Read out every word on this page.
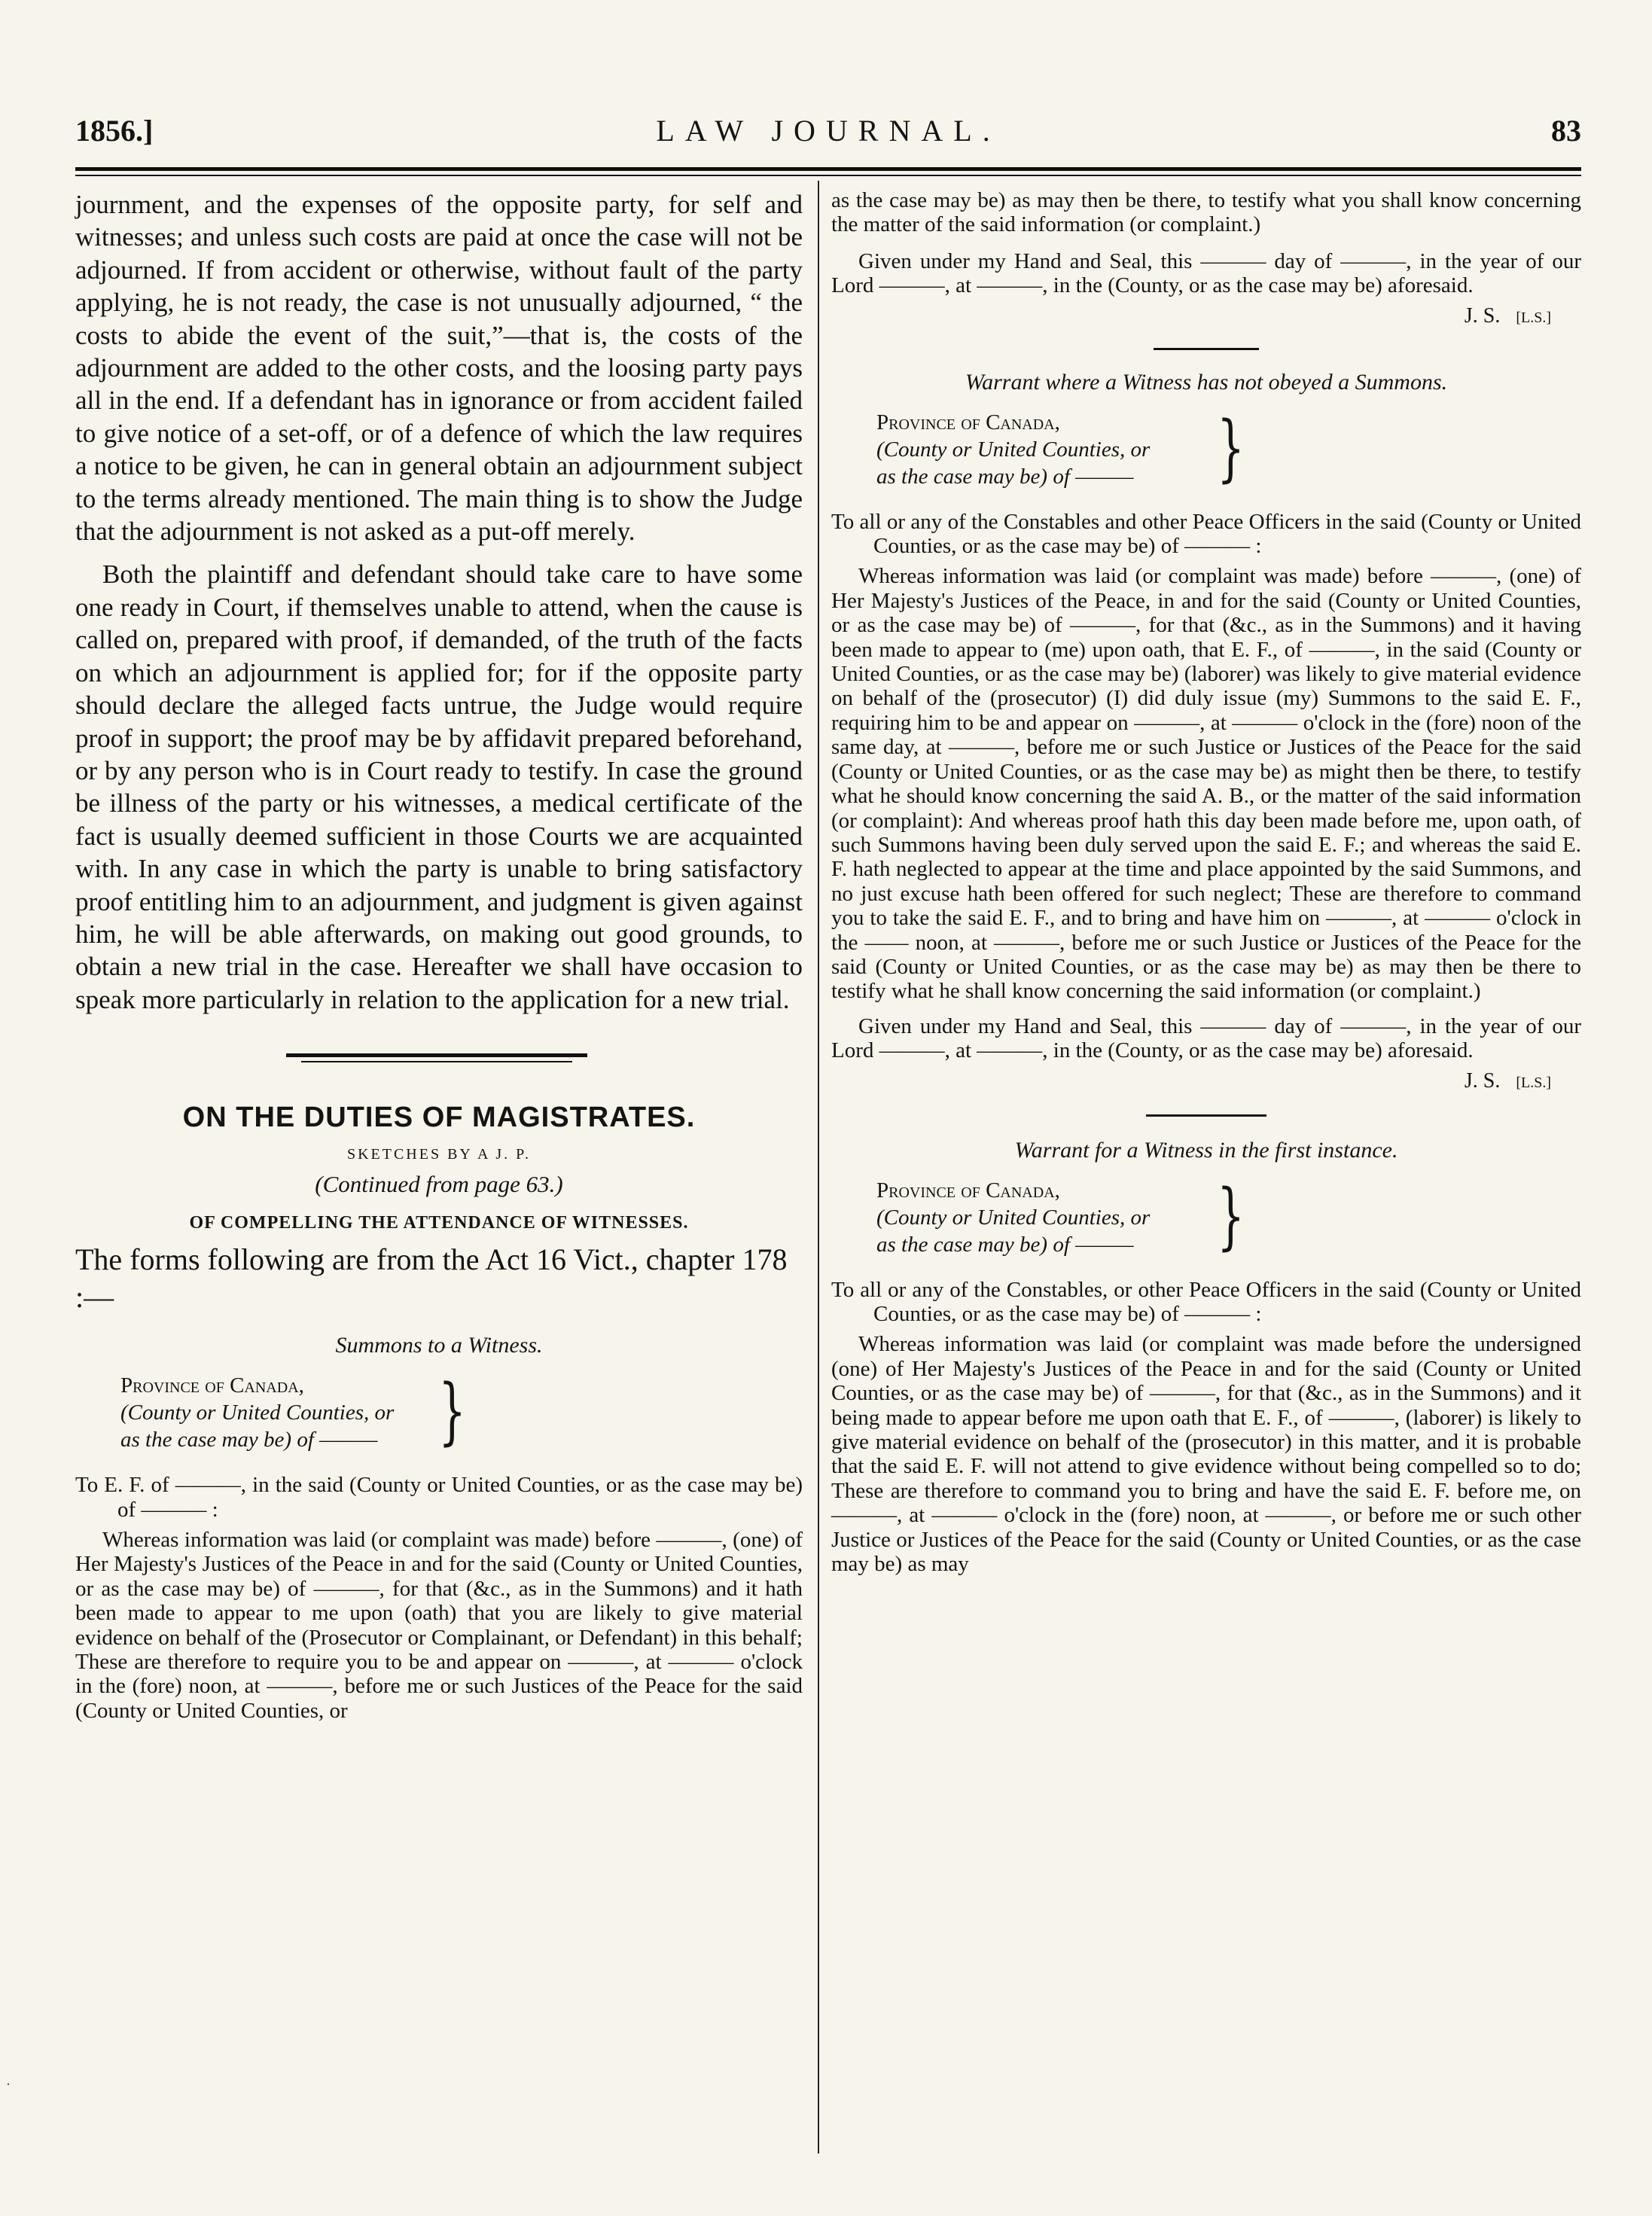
1856.]	LAW JOURNAL.	83

journment, and the expenses of the opposite party, for self and witnesses; and unless such costs are paid at once the case will not be adjourned. If from accident or otherwise, without fault of the party applying, he is not ready, the case is not unusually adjourned, “ the costs to abide the event of the suit,”—that is, the costs of the adjournment are added to the other costs, and the loosing party pays all in the end. If a defendant has in ignorance or from accident failed to give notice of a set-off, or of a defence of which the law requires a notice to be given, he can in general obtain an adjournment subject to the terms already mentioned. The main thing is to show the Judge that the adjournment is not asked as a put-off merely.

Both the plaintiff and defendant should take care to have some one ready in Court, if themselves unable to attend, when the cause is called on, prepared with proof, if demanded, of the truth of the facts on which an adjournment is applied for; for if the opposite party should declare the alleged facts untrue, the Judge would require proof in support; the proof may be by affidavit prepared beforehand, or by any person who is in Court ready to testify. In case the ground be illness of the party or his witnesses, a medical certificate of the fact is usually deemed sufficient in those Courts we are acquainted with. In any case in which the party is unable to bring satisfactory proof entitling him to an adjournment, and judgment is given against him, he will be able afterwards, on making out good grounds, to obtain a new trial in the case. Hereafter we shall have occasion to speak more particularly in relation to the application for a new trial.

ON THE DUTIES OF MAGISTRATES.
SKETCHES BY A J. P.
(Continued from page 63.)
OF COMPELLING THE ATTENDANCE OF WITNESSES.

The forms following are from the Act 16 Vict., chapter 178 :—

Summons to a Witness.
Province of Canada,
(County or United Counties, or
as the case may be) of ——— }

To E. F. of ———, in the said (County or United Counties, or as the case may be) of ——— :

Whereas information was laid (or complaint was made) before ———, (one) of Her Majesty's Justices of the Peace in and for the said (County or United Counties, or as the case may be) of ———, for that (&c., as in the Summons) and it hath been made to appear to me upon (oath) that you are likely to give material evidence on behalf of the (Prosecutor or Complainant, or Defendant) in this behalf; These are therefore to require you to be and appear on ———, at ——— o'clock in the (fore) noon, at ———, before me or such Justices of the Peace for the said (County or United Counties, or

as the case may be) as may then be there, to testify what you shall know concerning the matter of the said information (or complaint.)

Given under my Hand and Seal, this ——— day of ———, in the year of our Lord ———, at ———, in the (County, or as the case may be) aforesaid.

J. S. [L.S.]
Warrant where a Witness has not obeyed a Summons.
Province of Canada,
(County or United Counties, or
as the case may be) of ———	}

To all or any of the Constables and other Peace Officers in the said (County or United Counties, or as the case may be) of ——— :

Whereas information was laid (or complaint was made) before ———, (one) of Her Majesty's Justices of the Peace, in and for the said (County or United Counties, or as the case may be) of ———, for that (&c., as in the Summons) and it having been made to appear to (me) upon oath, that E. F., of ———, in the said (County or United Counties, or as the case may be) (laborer) was likely to give material evidence on behalf of the (prosecutor) (I) did duly issue (my) Summons to the said E. F., requiring him to be and appear on ———, at ——— o'clock in the (fore) noon of the same day, at ———, before me or such Justice or Justices of the Peace for the said (County or United Counties, or as the case may be) as might then be there, to testify what he should know concerning the said A. B., or the matter of the said information (or complaint): And whereas proof hath this day been made before me, upon oath, of such Summons having been duly served upon the said E. F.; and whereas the said E. F. hath neglected to appear at the time and place appointed by the said Summons, and no just excuse hath been offered for such neglect; These are therefore to command you to take the said E. F., and to bring and have him on ———, at ——— o'clock in the —— noon, at ———, before me or such Justice or Justices of the Peace for the said (County or United Counties, or as the case may be) as may then be there to testify what he shall know concerning the said information (or complaint.)

Given under my Hand and Seal, this ——— day of ———, in the year of our Lord ———, at ———, in the (County, or as the case may be) aforesaid.

J. S. [L.S.]
Warrant for a Witness in the first instance.
Province of Canada,
(County or United Counties, or
as the case may be) of ———	}

To all or any of the Constables, or other Peace Officers in the said (County or United Counties, or as the case may be) of ——— :

Whereas information was laid (or complaint was made before the undersigned (one) of Her Majesty's Justices of the Peace in and for the said (County or United Counties, or as the case may be) of ———, for that (&c., as in the Summons) and it being made to appear before me upon oath that E. F., of ———, (laborer) is likely to give material evidence on behalf of the (prosecutor) in this matter, and it is probable that the said E. F. will not attend to give evidence without being compelled so to do; These are therefore to command you to bring and have the said E. F. before me, on ———, at ——— o'clock in the (fore) noon, at ———, or before me or such other Justice or Justices of the Peace for the said (County or United Counties, or as the case may be) as may

·
